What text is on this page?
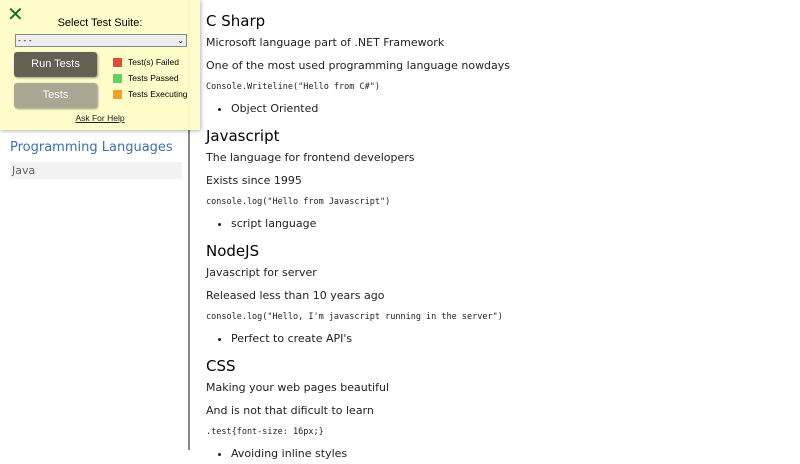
Programming Languages
Java
C Sharp

Microsoft language part of .NET Framework

One of the most used programming language nowdays

Console.Writeline("Hello from C#")
• Object Oriented
Javascript

The language for frontend developers

Exists since 1995

console.log("Hello from Javascript")
• script language
NodeJS

Javascript for server

Released less than 10 years ago

console.log("Hello, I'm javascript running in the server")
• Perfect to create API's
CSS

Making your web pages beautiful

And is not that dificult to learn

.test{font-size: 16px;}
• Avoiding inline styles
✕	Select Test Suite:
- - -	⌄
Run Tests
Tests
Test(s) Failed
Tests Passed
Tests Executing
Ask For Help
